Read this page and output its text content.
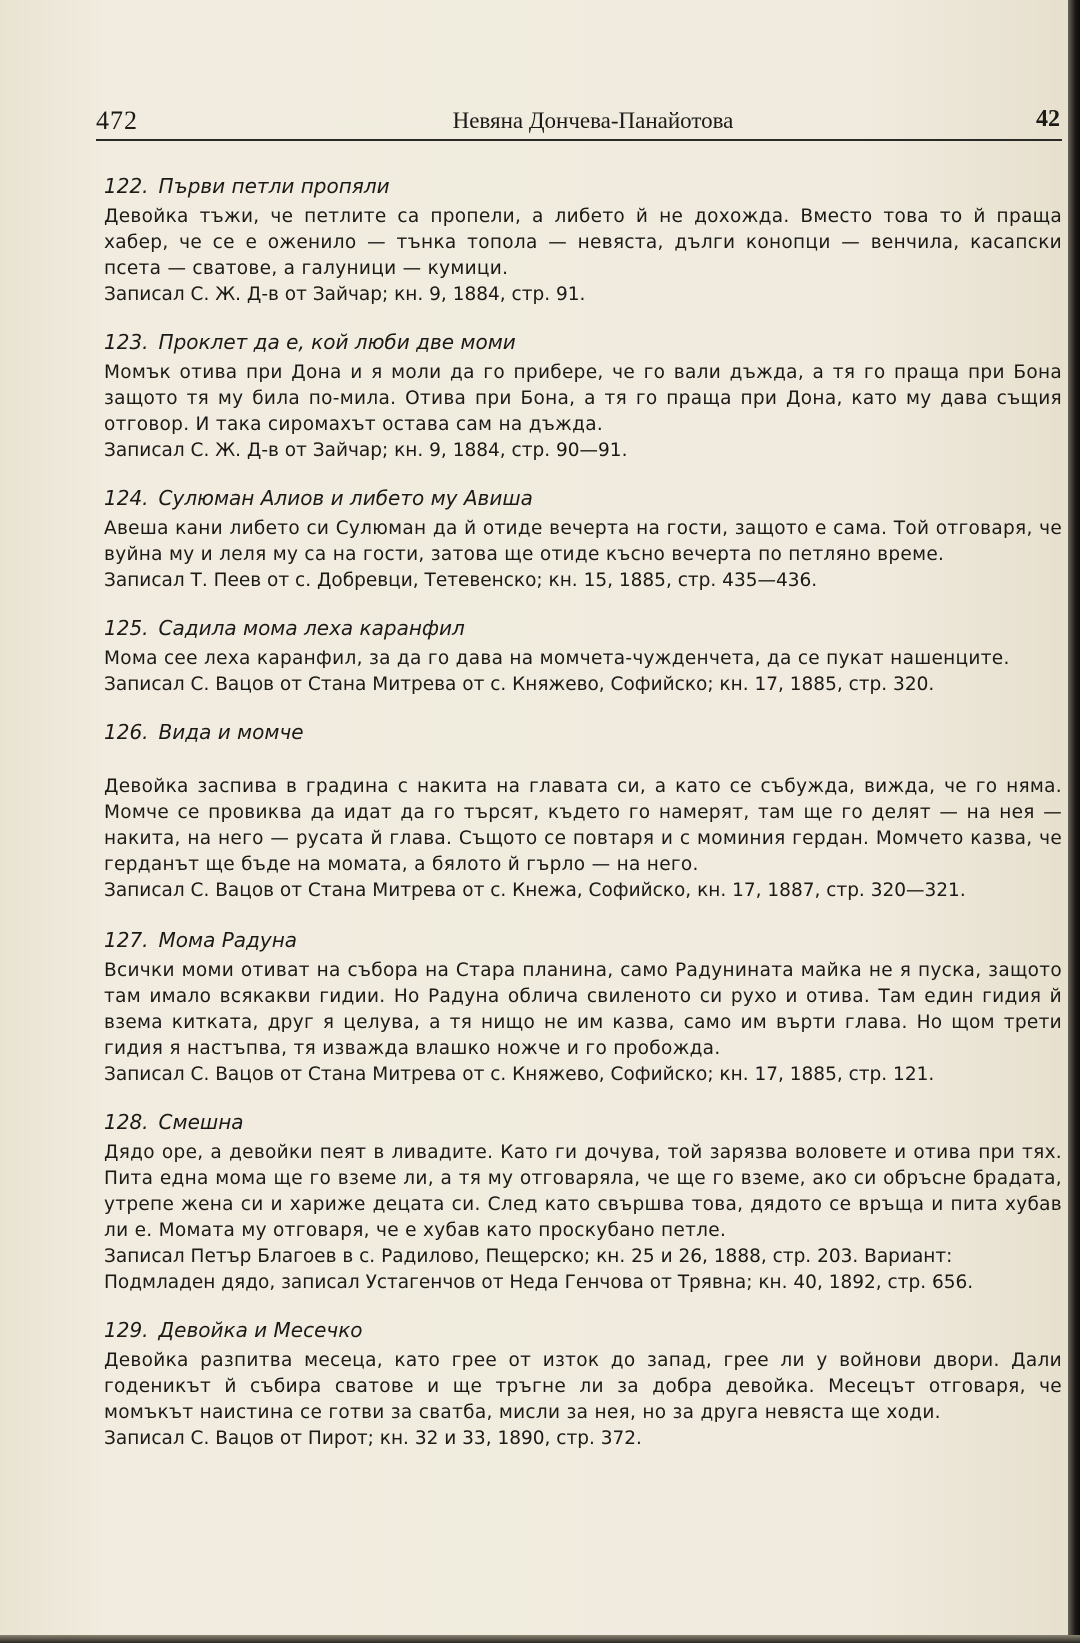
472	Невяна Дончева-Панайотова	42

122. Първи петли пропяли

Девойка тъжи, че петлите са пропели, а либето й не дохожда. Вместо това то й праща хабер, че се е оженило — тънка топола — невяста, дълги конопци — венчила, касапски псета — сватове, а галуници — кумици.

Записал С. Ж. Д-в от Зайчар; кн. 9, 1884, стр. 91.

123. Проклет да е, кой люби две моми

Момък отива при Дона и я моли да го прибере, че го вали дъжда, а тя го праща при Бона защото тя му била по-мила. Отива при Бона, а тя го праща при Дона, като му дава същия отговор. И така сиромахът остава сам на дъжда.

Записал С. Ж. Д-в от Зайчар; кн. 9, 1884, стр. 90—91.

124. Сулюман Алиов и либето му Авиша

Авеша кани либето си Сулюман да й отиде вечерта на гости, защото е сама. Той отговаря, че вуйна му и леля му са на гости, затова ще отиде късно вечерта по петляно време.

Записал Т. Пеев от с. Добревци, Тетевенско; кн. 15, 1885, стр. 435—436.

125. Садила мома леха каранфил

Мома сее леха каранфил, за да го дава на момчета-чужденчета, да се пукат нашенците.

Записал С. Вацов от Стана Митрева от с. Княжево, Софийско; кн. 17, 1885, стр. 320.

126. Вида и момче

Девойка заспива в градина с накита на главата си, а като се събужда, вижда, че го няма. Момче се провиква да идат да го търсят, където го намерят, там ще го делят — на нея — накита, на него — русата й глава. Същото се повтаря и с моминия гердан. Момчето казва, че герданът ще бъде на момата, а бялото й гърло — на него.

Записал С. Вацов от Стана Митрева от с. Кнежа, Софийско, кн. 17, 1887, стр. 320—321.

127. Мома Радуна

Всички моми отиват на събора на Стара планина, само Радунината майка не я пуска, защото там имало всякакви гидии. Но Радуна облича свиленото си рухо и отива. Там един гидия й взема китката, друг я целува, а тя нищо не им казва, само им върти глава. Но щом трети гидия я настъпва, тя изважда влашко ножче и го пробожда.

Записал С. Вацов от Стана Митрева от с. Княжево, Софийско; кн. 17, 1885, стр. 121.

128. Смешна

Дядо оре, а девойки пеят в ливадите. Като ги дочува, той зарязва воловете и отива при тях. Пита една мома ще го вземе ли, а тя му отговаряла, че ще го вземе, ако си обръсне брадата, утрепе жена си и харижe децата си. След като свършва това, дядото се връща и пита хубав ли е. Момата му отговаря, че е хубав като проскубано петле.

Записал Петър Благоев в с. Радилово, Пещерско; кн. 25 и 26, 1888, стр. 203. Вариант: Подмладен дядо, записал Устагенчов от Неда Генчова от Трявна; кн. 40, 1892, стр. 656.

129. Девойка и Месечко

Девойка разпитва месеца, като грее от изток до запад, грее ли у войнови двори. Дали годеникът й събира сватове и ще тръгне ли за добра девойка. Месецът отговаря, че момъкът наистина се готви за сватба, мисли за нея, но за друга невяста ще ходи.

Записал С. Вацов от Пирот; кн. 32 и 33, 1890, стр. 372.
